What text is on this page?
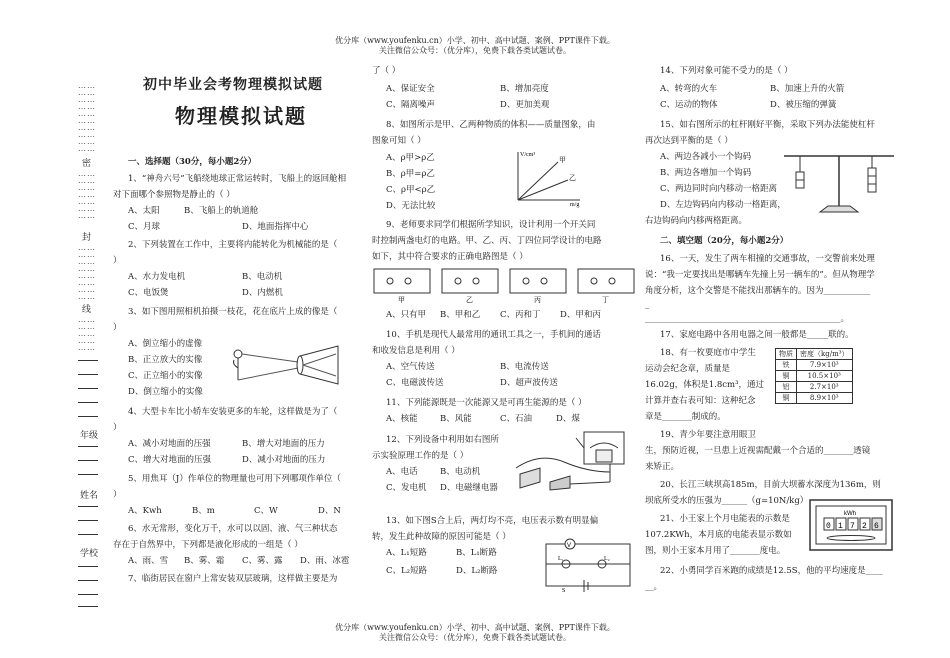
优分库（www.youfenku.cn）小学、初中、高中试题、案例、PPT课件下载。
关注微信公众号：（优分库），免费下载各类试题试卷。
优分库（www.youfenku.cn）小学、初中、高中试题、案例、PPT课件下载。
关注微信公众号：（优分库），免费下载各类试题试卷。
……
……
……
……
……
……
……
……
……
……
密
……
……
……
……
……
……
……
封
……
……
……
……
……
……
……
……
线
……
……
……
……
……
年级
姓名
学校
初中毕业会考物理模拟试题
物理模拟试题
一、选择题（30分，每小题2分）
1、“神舟六号”飞船绕地球正常运转时，飞船上的返回舱相
对下面哪个参照物是静止的（ ）
A、太阳	B、飞船上的轨道舱
C、月球	D、地面指挥中心
2、下列装置在工作中，主要将内能转化为机械能的是（
）
A、水力发电机	B、电动机
C、电饭煲	D、内燃机
3、如下图用照相机拍摄一枝花，花在底片上成的像是（
）
A、倒立缩小的虚像
B、正立放大的实像
C、正立缩小的实像
D、倒立缩小的实像
4、大型卡车比小轿车安装更多的车轮，这样做是为了（
）
A、减小对地面的压强	B、增大对地面的压力
C、增大对地面的压强	D、减小对地面的压力
5、用焦耳（J）作单位的物理量也可用下列哪项作单位（
）
A、Kwh	B、m	C、W	D、N
6、水无常形，变化万千，水可以以固、液、气三种状态
存在于自然界中，下列都是液化形成的一组是（ ）
A、雨、雪 B、雾、霜 C、雾、露 D、雨、冰雹
7、临街居民在窗户上常安装双层玻璃，这样做主要是为
了（ ）
A、保证安全	B、增加亮度
C、隔离噪声	D、更加美观
8、如图所示是甲、乙两种物质的体积——质量图象，由
图象可知（ ）
A、ρ甲>ρ乙
B、ρ甲=ρ乙
C、ρ甲<ρ乙
D、无法比较
V/cm³
m/g
甲
乙
9、老师要求同学们根据所学知识，设计利用一个开关同
时控制两盏电灯的电路。甲、乙、丙、丁四位同学设计的电路
如下，其中符合要求的正确电路图是（ ）
甲	乙	丙	丁
A、只有甲 B、甲和乙 C、丙和丁 D、甲和丙
10、手机是现代人最常用的通讯工具之一，手机间的通话
和收发信息是利用（ ）
A、空气传送	B、电流传送
C、电磁波传送	D、超声波传送
11、下列能源既是一次能源又是可再生能源的是（ ）
A、核能	B、风能	C、石油	D、煤
12、下列设备中利用如右图所
示实验原理工作的是（ ）
A、电话	B、电动机
C、发电机 D、电磁继电器
13、如下图S合上后，两灯均不亮，电压表示数有明显偏
转，发生此种故障的原因可能是（ ）
A、L₁短路	B、L₁断路
C、L₂短路	D、L₂断路
V
L₁	L₂
S
14、下列对象可能不受力的是（ ）
A、转弯的火车	B、加速上升的火箭
C、运动的物体	D、被压缩的弹簧
15、如右图所示的杠杆刚好平衡，采取下列办法能使杠杆
再次达到平衡的是（ ）
A、两边各减小一个钩码
B、两边各增加一个钩码
C、两边同时向内移动一格距离
D、左边钩码向内移动一格距离，
右边钩码向内移两格距离。
二、填空题（20分，每小题2分）
16、一天，发生了两车相撞的交通事故，一交警前来处理
说：“我一定要找出是哪辆车先撞上另一辆车的”。但从物理学
角度分析，这个交警是不能找出那辆车的。因为___________
_
______________________________________________。
17、家庭电路中各用电器之间一般都是_____联的。
18、有一枚要庭市中学生
运动会纪念章，质量是
16.02g，体积是1.8cm³，通过
计算并查右表可知：这种纪念
章是_______制成的。
物质	密度（kg/m³）
铁	7.9×10³
铜	10.5×10³
铝	2.7×10³
铜	8.9×10³
19、青少年要注意用眼卫
生，预防近视，一旦患上近视需配戴一个合适的_______透镜
来矫正。
20、长江三峡坝高185m，目前大坝蓄水深度为136m，则
坝底所受水的压强为______（g=10N/kg）
21、小王家上个月电能表的示数是
107.2KWh，本月底的电能表显示数如
图，则小王家本月用了_______度电。
kWh
0 1 7 2 6
22、小勇同学百米跑的成绩是12.5S，他的平均速度是____
__。
